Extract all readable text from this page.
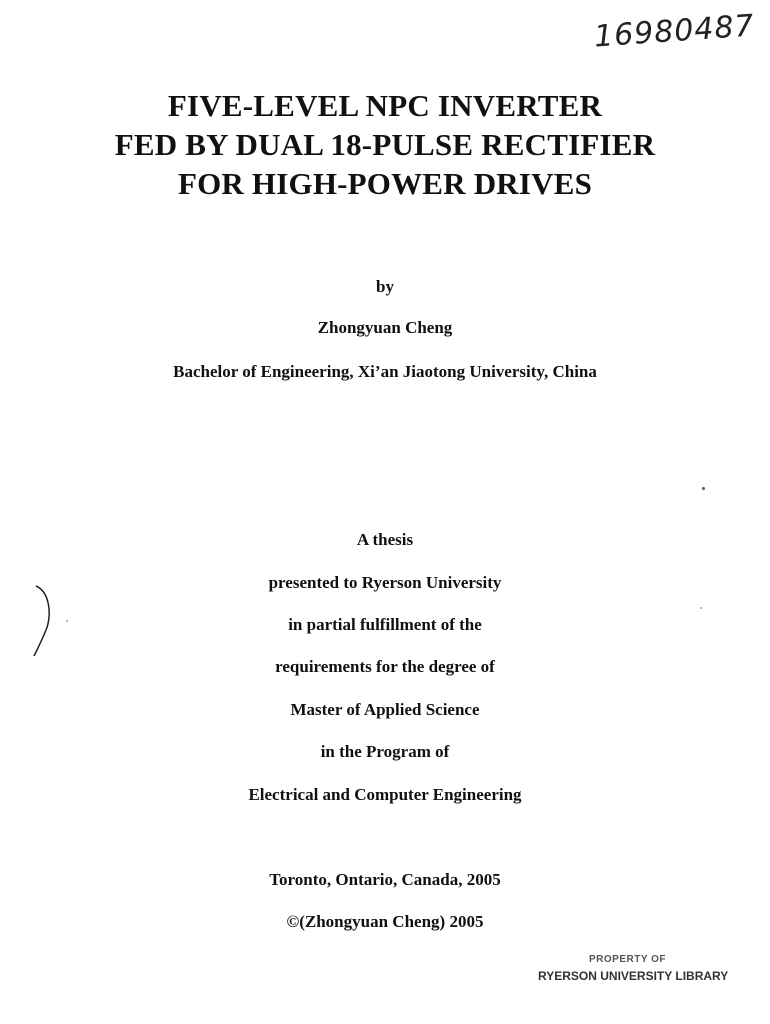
16980487
FIVE-LEVEL NPC INVERTER
FED BY DUAL 18-PULSE RECTIFIER
FOR HIGH-POWER DRIVES
by
Zhongyuan Cheng
Bachelor of Engineering, Xi’an Jiaotong University, China
A thesis
presented to Ryerson University
in partial fulfillment of the
requirements for the degree of
Master of Applied Science
in the Program of
Electrical and Computer Engineering
Toronto, Ontario, Canada, 2005
©(Zhongyuan Cheng) 2005
PROPERTY OF
RYERSON UNIVERSITY LIBRARY
